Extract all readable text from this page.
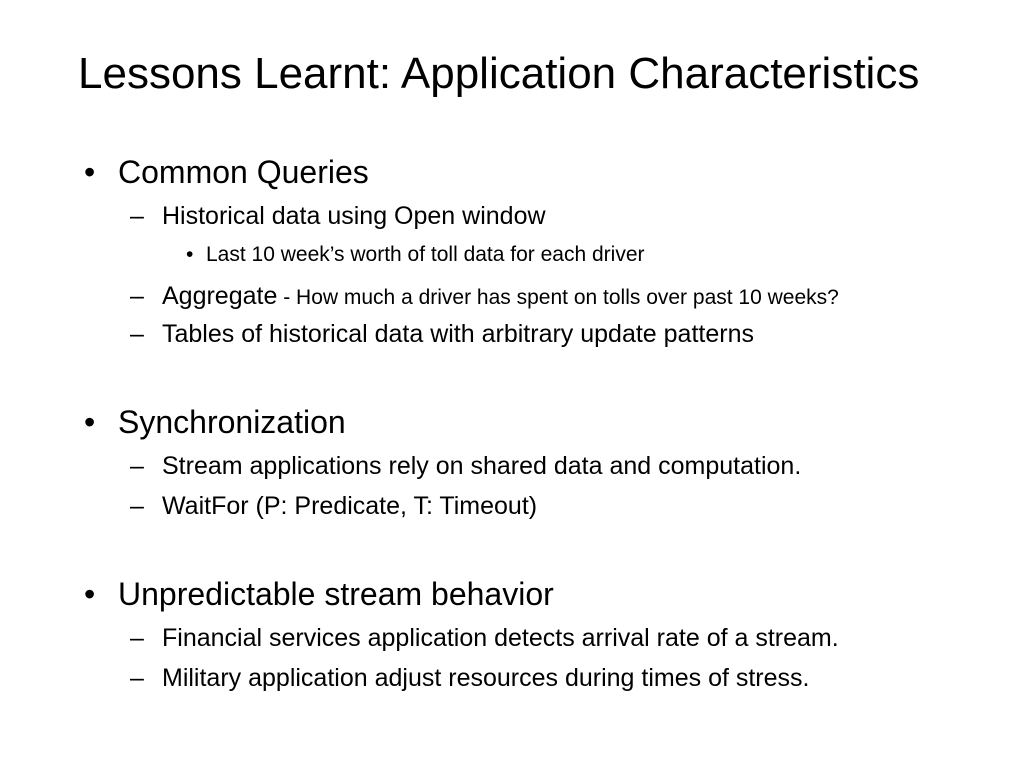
Lessons Learnt: Application Characteristics
• Common Queries
– Historical data using Open window
• Last 10 week’s worth of toll data for each driver
– Aggregate - How much a driver has spent on tolls over past 10 weeks?
– Tables of historical data with arbitrary update patterns
• Synchronization
– Stream applications rely on shared data and computation.
– WaitFor (P: Predicate, T: Timeout)
• Unpredictable stream behavior
– Financial services application detects arrival rate of a stream.
– Military application adjust resources during times of stress.
